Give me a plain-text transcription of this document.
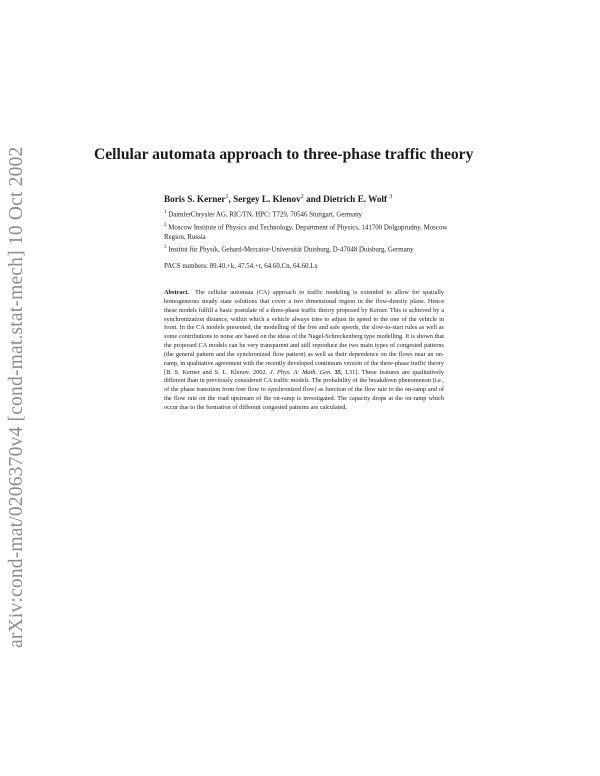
arXiv:cond-mat/0206370v4 [cond-mat.stat-mech] 10 Oct 2002	Cellular automata approach to three-phase traffic theory
Boris S. Kerner$^1$, Sergey L. Klenov$^2$ and Dietrich E. Wolf $^3$
$^1$ DaimlerChrysler AG, RIC/TN, HPC: T729, 70546 Stuttgart, Germany
$^2$ Moscow Institute of Physics and Technology, Department of Physics, 141700 Dolgoprudny, Moscow Region, Russia
$^3$ Institut für Physik, Gehard-Mercator-Universität Duisburg, D-47048 Duisburg, Germany
PACS numbers: 89.40.+k, 47.54.+r, 64.60.Cn, 64.60.Lx

Abstract. The cellular automata (CA) approach to traffic modeling is extended to allow for spatially homogeneous steady state solutions that cover a two dimensional region in the flow-density plane. Hence these models fulfill a basic postulate of a three-phase traffic theory proposed by Kerner. This is achieved by a synchronization distance, within which a vehicle always tries to adjust its speed to the one of the vehicle in front. In the CA models presented, the modelling of the free and safe speeds, the slow-to-start rules as well as some contributions to noise are based on the ideas of the Nagel-Schreckenberg type modelling. It is shown that the proposed CA models can be very transparent and still reproduce the two main types of congested patterns (the general pattern and the synchronized flow pattern) as well as their dependence on the flows near an on-ramp, in qualitative agreement with the recently developed continuum version of the three-phase traffic theory [B. S. Kerner and S. L. Klenov. 2002. J. Phys. A: Math. Gen. 35, L31]. These features are qualitatively different than in previously considered CA traffic models. The probability of the breakdown phenomenon (i.e., of the phase transition from free flow to synchronized flow) as function of the flow rate to the on-ramp and of the flow rate on the road upstream of the on-ramp is investigated. The capacity drops at the on-ramp which occur due to the formation of different congested patterns are calculated.
